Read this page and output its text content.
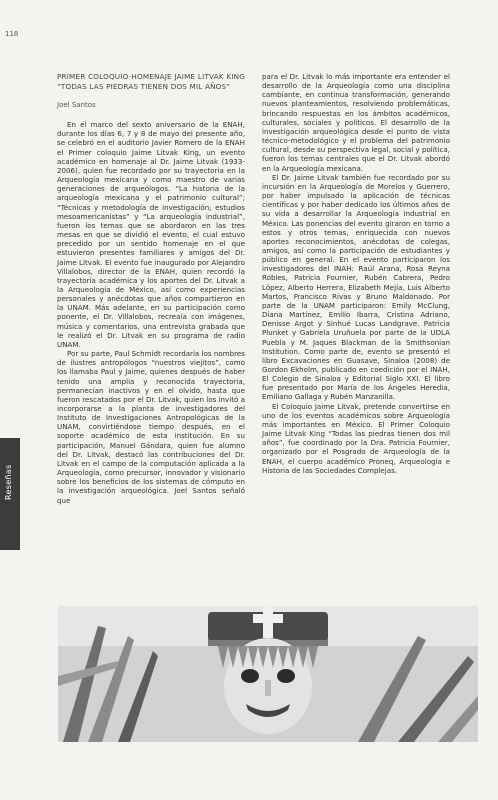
118
Reseñas

PRIMER COLOQUIO-HOMENAJE JAIME LITVAK KING “TODAS LAS PIEDRAS TIENEN DOS MIL AÑOS”

Joel Santos

En el marco del sexto aniversario de la ENAH, durante los días 6, 7 y 8 de mayo del presente año, se celebró en el auditorio Javier Romero de la ENAH el Primer coloquio Jaime Litvak King, un evento académico en homenaje al Dr. Jaime Litvak (1933-2006), quien fue recordado por su trayectoria en la Arqueología mexicana y como maestro de varias generaciones de arqueólogos. “La historia de la arqueología mexicana y el patrimonio cultural”; “Técnicas y metodología de investigación; estudios mesoamericanistas” y “La arqueología industrial”, fueron los temas que se abordaron en las tres mesas en que se dividió el evento, el cual estuvo precedido por un sentido homenaje en el que estuvieron presentes familiares y amigos del Dr. Jaime Litvak. El evento fue inaugurado por Alejandro Villalobos, director de la ENAH, quien recordó la trayectoria académica y los aportes del Dr. Litvak a la Arqueología de México, así como experiencias personales y anécdotas que años compartieron en la UNAM. Más adelante, en su participación como ponente, el Dr. Villalobos, recreaía con imágenes, música y comentarios, una entrevista grabada que le realizó el Dr. Litvak en su programa de radio UNAM.

Por su parte, Paul Schmidt recordaría los nombres de ilustres antropólogos “nuestros viejitos”, como los llamaba Paul y Jaime, quienes después de haber tenido una amplia y reconocida trayectoria, permanecían inactivos y en el olvido, hasta que fueron rescatados por el Dr. Litvak, quien los invitó a incorporarse a la planta de investigadores del Instituto de Investigaciones Antropológicas de la UNAM, convirtiéndose tiempo después, en el soporte académico de esta institución. En su participación, Manuel Gándara, quien fue alumno del Dr. Litvak, destacó las contribuciones del Dr. Litvak en el campo de la computación aplicada a la Arqueología, como precursor, innovador y visionario sobre los beneficios de los sistemas de cómputo en la investigación arqueológica. Joel Santos señaló que

para el Dr. Litvak lo más importante era entender el desarrollo de la Arqueología como una disciplina cambiante, en continua transformación, generando nuevos planteamientos, resolviendo problemáticas, brincando respuestas en los ámbitos académicos, culturales, sociales y políticos. El desarrollo de la investigación arqueológica desde el punto de vista técnico-metodológico y el problema del patrimonio cultural, desde su perspectiva legal, social y política, fueron los temas centrales que el Dr. Litvak abordó en la Arqueología mexicana.

El Dr. Jaime Litvak también fue recordado por su incursión en la Arqueología de Morelos y Guerrero, por haber impulsado la aplicación de técnicas científicas y por haber dedicado los últimos años de su vida a desarrollar la Arqueología industrial en México. Las ponencias del evento giraron en torno a estos y otros temas, enriquecida con nuevos aportes reconocimientos, anécdotas de colegas, amigos, así como la participación de estudiantes y público en general. En el evento participaron los investigadores del INAH: Raúl Arana, Rosa Reyna Robles, Patricia Fournier, Rubén Cabrera, Pedro López, Alberto Herrera, Elizabeth Mejía, Luis Alberto Martos, Francisco Rivas y Bruno Maldonado. Por parte de la UNAM participaron: Emily McClung, Diana Martínez, Emilio Ibarra, Cristina Adriano, Denisse Argot y Sinhué Lucas Landgrave. Patricia Plunket y Gabriela Uruñuela por parte de la UDLA Puebla y M. Jaques Blackman de la Smithsonian Institution. Como parte de, evento se presentó el libro Excavaciones en Guasave, Sinaloa (2008) de Gordon Ekholm, publicado en coedición por el INAH, El Colegio de Sinaloa y Editorial Siglo XXI. El libro fue presentado por María de los Ángeles Heredia, Emiliano Gallaga y Rubén Manzanilla.

El Coloquio Jaime Litvak, pretende convertirse en uno de los eventos académicos sobre Arqueología más importantes en México. El Primer Coloquio Jaime Litvak King “Todas las piedras tienen dos mil años”, fue coordinado por la Dra. Patricia Fournier, organizado por el Posgrado de Arqueología de la ENAH, el cuerpo académico Proneq, Arqueología e Historia de las Sociedades Complejas.
